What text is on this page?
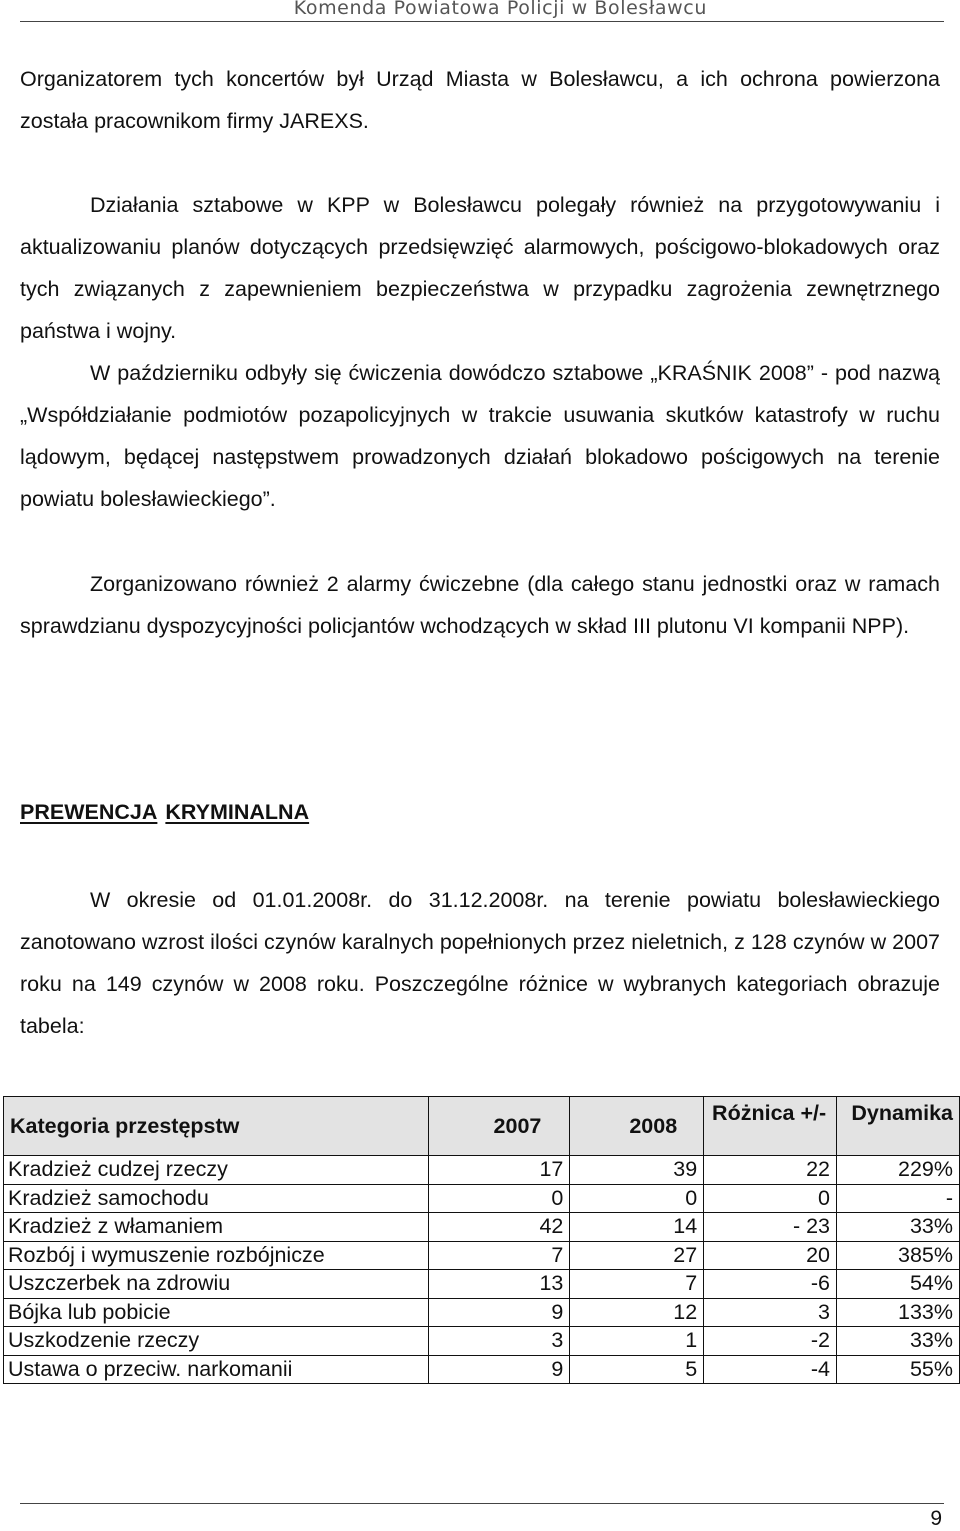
Komenda Powiatowa Policji w Bolesławcu

Organizatorem tych koncertów był Urząd Miasta w Bolesławcu, a ich ochrona powierzona została pracownikom firmy JAREXS.

Działania sztabowe w KPP w Bolesławcu polegały również na przygotowywaniu i aktualizowaniu planów dotyczących przedsięwzięć alarmowych, pościgowo-blokadowych oraz tych związanych z zapewnieniem bezpieczeństwa w przypadku zagrożenia zewnętrznego państwa i wojny.

W październiku odbyły się ćwiczenia dowódczo sztabowe „KRAŚNIK 2008” - pod nazwą „Współdziałanie podmiotów pozapolicyjnych w trakcie usuwania skutków katastrofy w ruchu lądowym, będącej następstwem prowadzonych działań blokadowo pościgowych na terenie powiatu bolesławieckiego”.

Zorganizowano również 2 alarmy ćwiczebne (dla całego stanu jednostki oraz w ramach sprawdzianu dyspozycyjności policjantów wchodzących w skład III plutonu VI kompanii NPP).

PREWENCJA KRYMINALNA

W okresie od 01.01.2008r. do 31.12.2008r. na terenie powiatu bolesławieckiego zanotowano wzrost ilości czynów karalnych popełnionych przez nieletnich, z 128 czynów w 2007 roku na 149 czynów w 2008 roku. Poszczególne różnice w wybranych kategoriach obrazuje tabela:

Kategoria przestępstw	2007	2008	Różnica +/-	Dynamika
Kradzież cudzej rzeczy	17	39	22	229%
Kradzież samochodu	0	0	0	-
Kradzież z włamaniem	42	14	- 23	33%
Rozbój i wymuszenie rozbójnicze	7	27	20	385%
Uszczerbek na zdrowiu	13	7	-6	54%
Bójka lub pobicie	9	12	3	133%
Uszkodzenie rzeczy	3	1	-2	33%
Ustawa o przeciw. narkomanii	9	5	-4	55%
9
